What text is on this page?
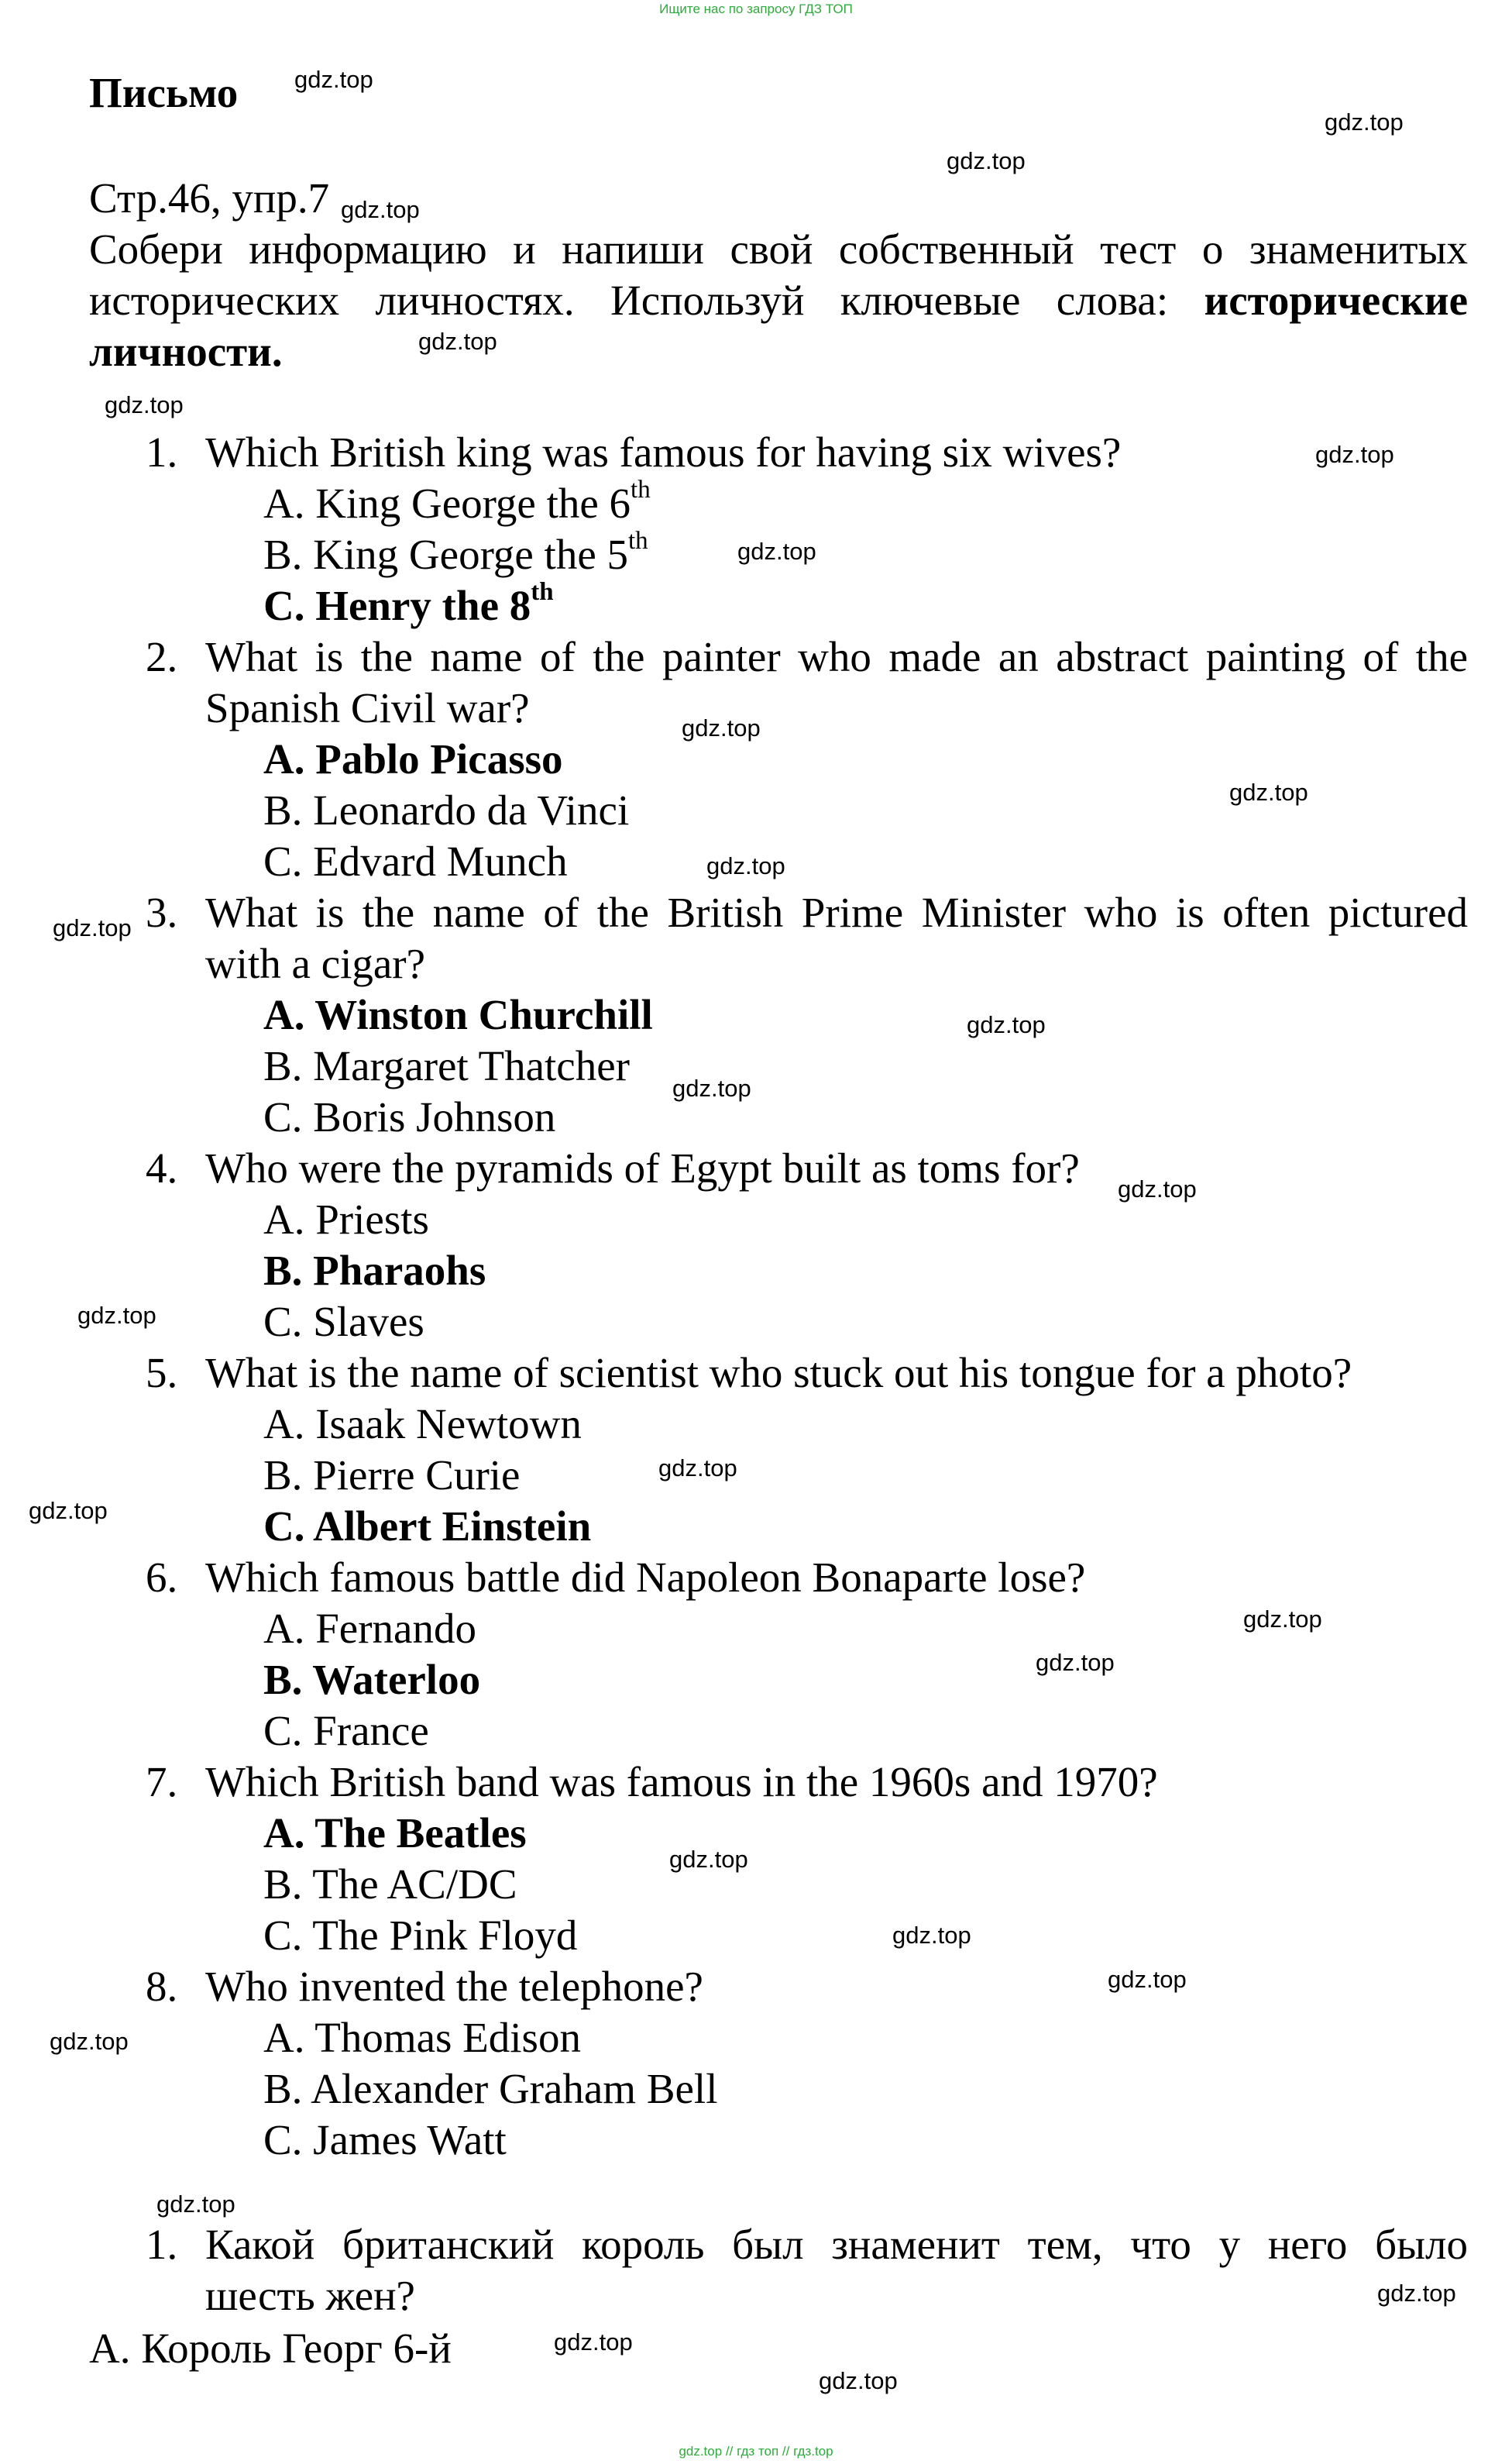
Ищите нас по запросу ГДЗ ТОП
Письмо
Стр.46, упр.7
Собери информацию и напиши свой собственный тест о знаменитых
исторических личностях. Используй ключевые слова: исторические
личности.
1. Which British king was famous for having six wives?
A. King George the 6th
B. King George the 5th
C. Henry the 8th
2. What is the name of the painter who made an abstract painting of the
Spanish Civil war?
A. Pablo Picasso
B. Leonardo da Vinci
C. Edvard Munch
3. What is the name of the British Prime Minister who is often pictured
with a cigar?
A. Winston Churchill
B. Margaret Thatcher
C. Boris Johnson
4. Who were the pyramids of Egypt built as toms for?
A. Priests
B. Pharaohs
C. Slaves
5. What is the name of scientist who stuck out his tongue for a photo?
A. Isaak Newtown
B. Pierre Curie
C. Albert Einstein
6. Which famous battle did Napoleon Bonaparte lose?
A. Fernando
B. Waterloo
C. France
7. Which British band was famous in the 1960s and 1970?
A. The Beatles
B. The AC/DC
C. The Pink Floyd
8. Who invented the telephone?
A. Thomas Edison
B. Alexander Graham Bell
C. James Watt
1. Какой британский король был знаменит тем, что у него было
шесть жен?
А. Король Георг 6-й
gdz.top
gdz.top
gdz.top
gdz.top
gdz.top
gdz.top
gdz.top
gdz.top
gdz.top
gdz.top
gdz.top
gdz.top
gdz.top
gdz.top
gdz.top
gdz.top
gdz.top
gdz.top
gdz.top
gdz.top
gdz.top
gdz.top
gdz.top
gdz.top
gdz.top
gdz.top
gdz.top
gdz.top
gdz.top // гдз топ // гдз.top
